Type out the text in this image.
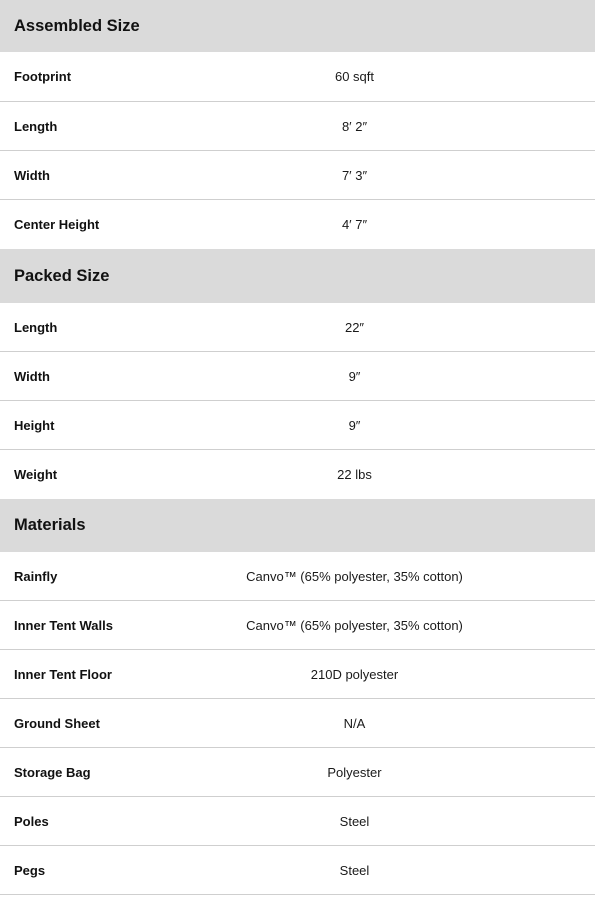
Assembled Size
Footprint	60 sqft
Length	8′ 2″
Width	7′ 3″
Center Height	4′ 7″
Packed Size
Length	22″
Width	9″
Height	9″
Weight	22 lbs
Materials
Rainfly	Canvo™ (65% polyester, 35% cotton)
Inner Tent Walls	Canvo™ (65% polyester, 35% cotton)
Inner Tent Floor	210D polyester
Ground Sheet	N/A
Storage Bag	Polyester
Poles	Steel
Pegs	Steel
